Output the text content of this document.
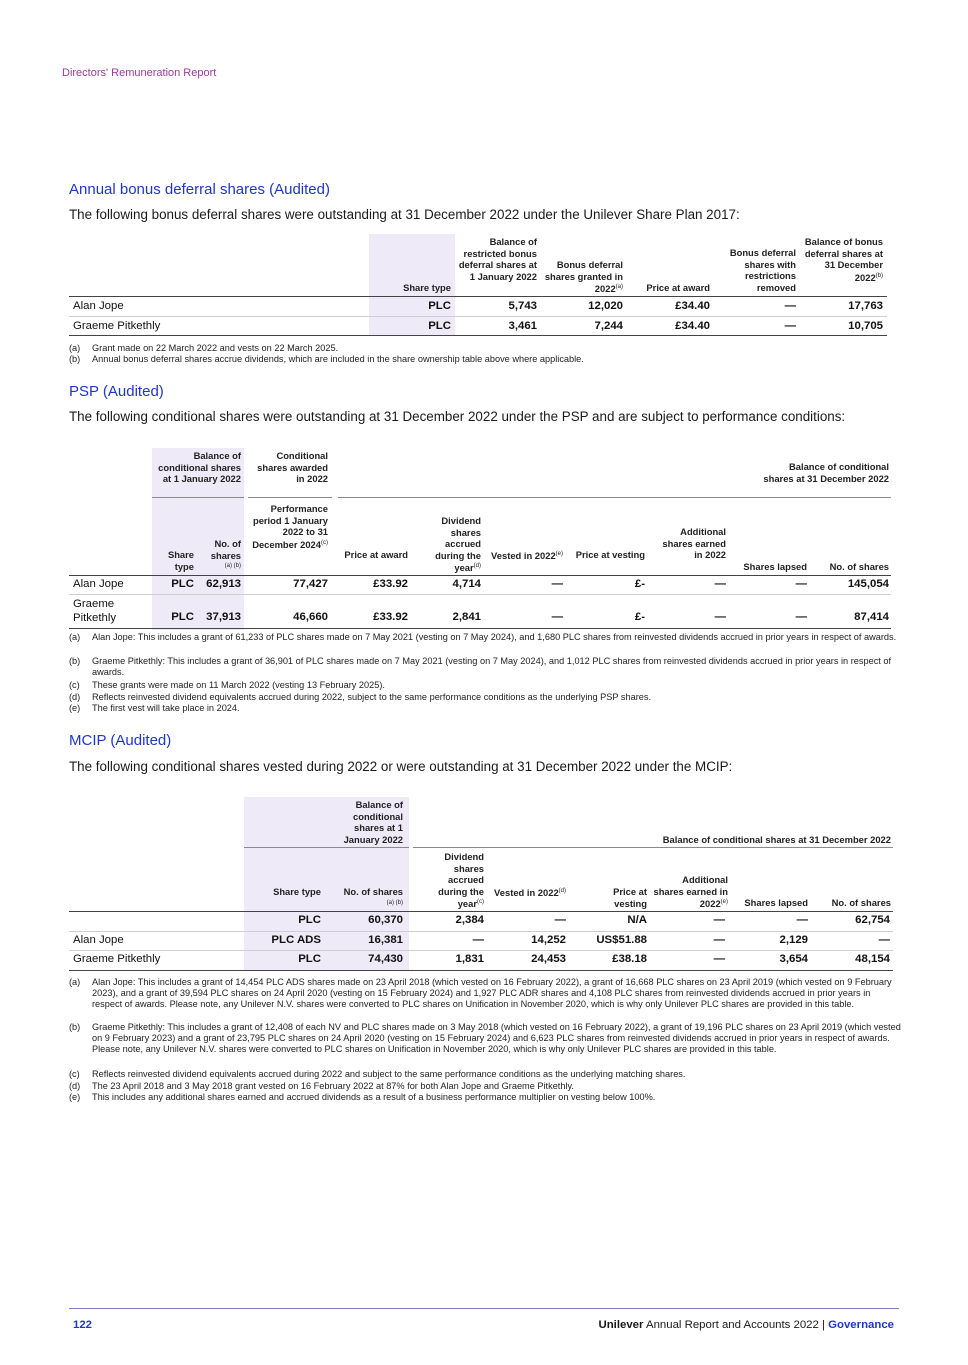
Directors' Remuneration Report
Annual bonus deferral shares (Audited)
The following bonus deferral shares were outstanding at 31 December 2022 under the Unilever Share Plan 2017:
Share type
Balance of restricted bonus deferral shares at 1 January 2022
Bonus deferral shares granted in 2022$^{(a)}$	Price at award
Bonus deferral shares with restrictions removed
Balance of bonus deferral shares at 31 December 2022$^{(b)}$
Alan Jope	PLC	5,743	12,020	£34.40	—	17,763
Graeme Pitkethly	PLC	3,461	7,244	£34.40	—	10,705
(a) Grant made on 22 March 2022 and vests on 22 March 2025.
(b) Annual bonus deferral shares accrue dividends, which are included in the share ownership table above where applicable.
PSP (Audited)
The following conditional shares were outstanding at 31 December 2022 under the PSP and are subject to performance conditions:
Balance of conditional shares at 1 January 2022
Conditional shares awarded in 2022
Balance of conditional shares at 31 December 2022
Share type
No. of shares
$^{(a) (b)}$
Performance period 1 January 2022 to 31 December 2024$^{(c)}$
Price at award
Dividend shares accrued during the year$^{(d)}$
Vested in 2022$^{(e)}$ Price at vesting
Additional shares earned in 2022
Shares lapsed	No. of shares
Alan Jope	PLC	62,913	77,427	£33.92	4,714	—	£-	—	—	145,054
Graeme Pitkethly	PLC	37,913	46,660	£33.92	2,841	—	£-	—	—	87,414
(a) Alan Jope: This includes a grant of 61,233 of PLC shares made on 7 May 2021 (vesting on 7 May 2024), and 1,680 PLC shares from reinvested dividends accrued in prior years in respect of awards.
(b) Graeme Pitkethly: This includes a grant of 36,901 of PLC shares made on 7 May 2021 (vesting on 7 May 2024), and 1,012 PLC shares from reinvested dividends accrued in prior years in respect of awards.
(c) These grants were made on 11 March 2022 (vesting 13 February 2025).
(d) Reflects reinvested dividend equivalents accrued during 2022, subject to the same performance conditions as the underlying PSP shares.
(e) The first vest will take place in 2024.
MCIP (Audited)
The following conditional shares vested during 2022 or were outstanding at 31 December 2022 under the MCIP:
Balance of conditional shares at 1 January 2022	Balance of conditional shares at 31 December 2022
Share type	No. of shares
$^{(a) (b)}$
Dividend shares accrued during the year$^{(c)}$
Vested in 2022$^{(d)}$	Price at vesting
Additional shares earned in 2022$^{(e)}$	Shares lapsed	No. of shares
PLC	60,370	2,384	—	N/A	—	—	62,754
Alan Jope	PLC ADS	16,381	—	14,252	US$51.88	—	2,129	—
Graeme Pitkethly	PLC	74,430	1,831	24,453	£38.18	—	3,654	48,154
(a) Alan Jope: This includes a grant of 14,454 PLC ADS shares made on 23 April 2018 (which vested on 16 February 2022), a grant of 16,668 PLC shares on 23 April 2019 (which vested on 9 February 2023), and a grant of 39,594 PLC shares on 24 April 2020 (vesting on 15 February 2024) and 1,927 PLC ADR shares and 4,108 PLC shares from reinvested dividends accrued in prior years in respect of awards. Please note, any Unilever N.V. shares were converted to PLC shares on Unification in November 2020, which is why only Unilever PLC shares are provided in this table.
(b) Graeme Pitkethly: This includes a grant of 12,408 of each NV and PLC shares made on 3 May 2018 (which vested on 16 February 2022), a grant of 19,196 PLC shares on 23 April 2019 (which vested on 9 February 2023) and a grant of 23,795 PLC shares on 24 April 2020 (vesting on 15 February 2024) and 6,623 PLC shares from reinvested dividends accrued in prior years in respect of awards. Please note, any Unilever N.V. shares were converted to PLC shares on Unification in November 2020, which is why only Unilever PLC shares are provided in this table.
(c) Reflects reinvested dividend equivalents accrued during 2022 and subject to the same performance conditions as the underlying matching shares.
(d) The 23 April 2018 and 3 May 2018 grant vested on 16 February 2022 at 87% for both Alan Jope and Graeme Pitkethly.
(e) This includes any additional shares earned and accrued dividends as a result of a business performance multiplier on vesting below 100%.
122	Unilever Annual Report and Accounts 2022 | Governance
